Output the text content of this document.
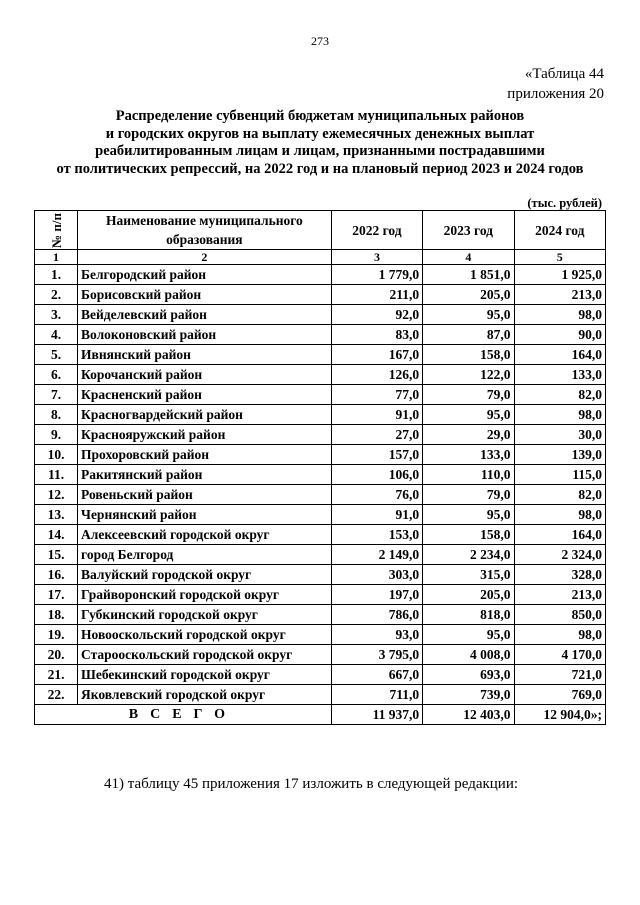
273
«Таблица 44
приложения 20
Распределение субвенций бюджетам муниципальных районов
и городских округов на выплату ежемесячных денежных выплат
реабилитированным лицам и лицам, признанными пострадавшими
от политических репрессий, на 2022 год и на плановый период 2023 и 2024 годов
(тыс. рублей)
№ п/п	Наименование муниципального образования	2022 год	2023 год	2024 год
1	2	3	4	5
1.	Белгородский район	1 779,0	1 851,0	1 925,0
2.	Борисовский район	211,0	205,0	213,0
3.	Вейделевский район	92,0	95,0	98,0
4.	Волоконовский район	83,0	87,0	90,0
5.	Ивнянский район	167,0	158,0	164,0
6.	Корочанский район	126,0	122,0	133,0
7.	Красненский район	77,0	79,0	82,0
8.	Красногвардейский район	91,0	95,0	98,0
9.	Краснояружский район	27,0	29,0	30,0
10.	Прохоровский район	157,0	133,0	139,0
11.	Ракитянский район	106,0	110,0	115,0
12.	Ровеньский район	76,0	79,0	82,0
13.	Чернянский район	91,0	95,0	98,0
14.	Алексеевский городской округ	153,0	158,0	164,0
15.	город Белгород	2 149,0	2 234,0	2 324,0
16.	Валуйский городской округ	303,0	315,0	328,0
17.	Грайворонский городской округ	197,0	205,0	213,0
18.	Губкинский городской округ	786,0	818,0	850,0
19.	Новооскольский городской округ	93,0	95,0	98,0
20.	Старооскольский городской округ	3 795,0	4 008,0	4 170,0
21.	Шебекинский городской округ	667,0	693,0	721,0
22.	Яковлевский городской округ	711,0	739,0	769,0
ВСЕГО		11 937,0	12 403,0	12 904,0»;
41) таблицу 45 приложения 17 изложить в следующей редакции:
